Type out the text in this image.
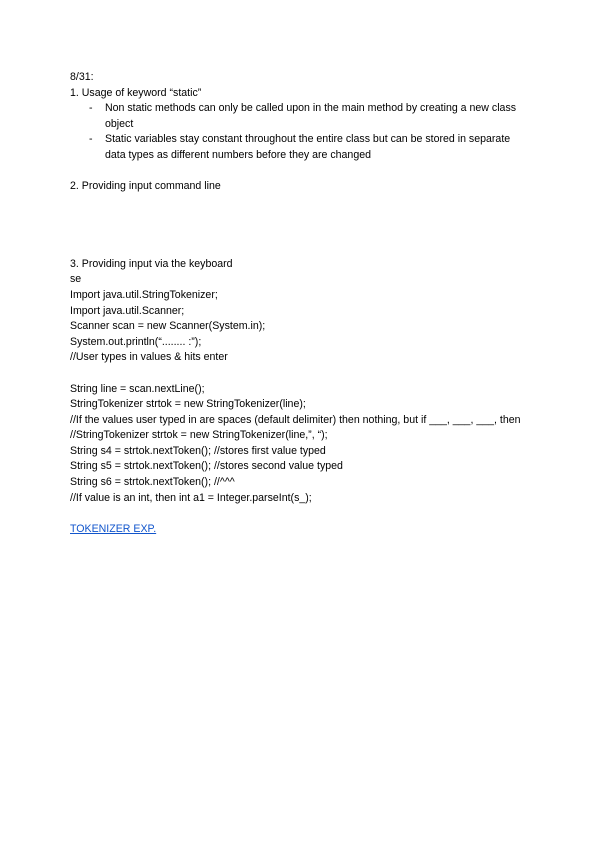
8/31:
1. Usage of keyword “static”
- Non static methods can only be called upon in the main method by creating a new class object
- Static variables stay constant throughout the entire class but can be stored in separate data types as different numbers before they are changed
2. Providing input command line
3. Providing input via the keyboard
se
Import java.util.StringTokenizer;
Import java.util.Scanner;
Scanner scan = new Scanner(System.in);
System.out.println(“........ :”);
//User types in values & hits enter
String line = scan.nextLine();
StringTokenizer strtok = new StringTokenizer(line);
//If the values user typed in are spaces (default delimiter) then nothing, but if ___, ___, ___, then
//StringTokenizer strtok = new StringTokenizer(line,”, “);
String s4 = strtok.nextToken(); //stores first value typed
String s5 = strtok.nextToken(); //stores second value typed
String s6 = strtok.nextToken(); //^^^
//If value is an int, then int a1 = Integer.parseInt(s_);
TOKENIZER EXP.
